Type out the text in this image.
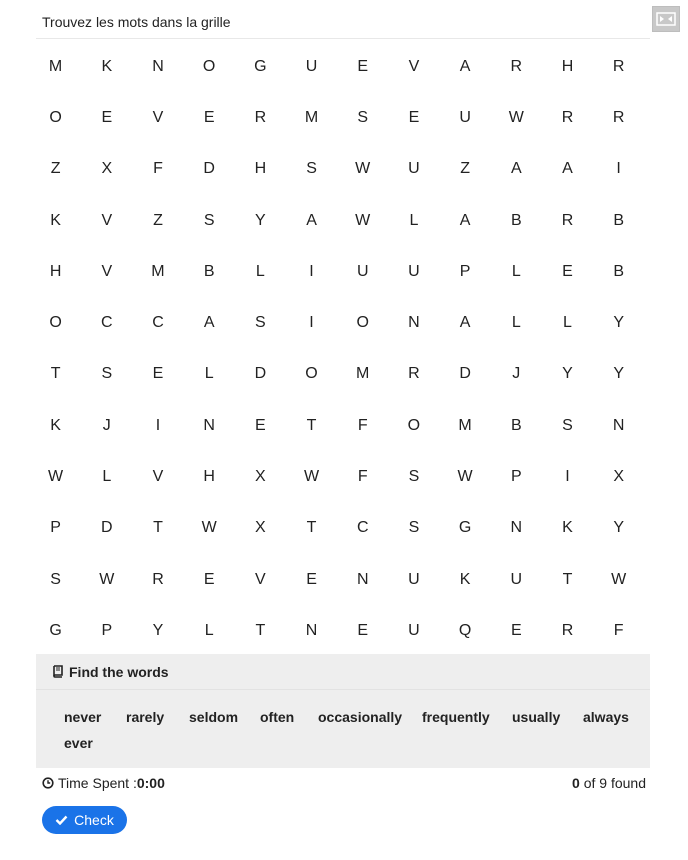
Trouvez les mots dans la grille
M	K	N	O	G	U	E	V	A	R	H	R
O	E	V	E	R	M	S	E	U	W	R	R
Z	X	F	D	H	S	W	U	Z	A	A	I
K	V	Z	S	Y	A	W	L	A	B	R	B
H	V	M	B	L	I	U	U	P	L	E	B
O	C	C	A	S	I	O	N	A	L	L	Y
T	S	E	L	D	O	M	R	D	J	Y	Y
K	J	I	N	E	T	F	O	M	B	S	N
W	L	V	H	X	W	F	S	W	P	I	X
P	D	T	W	X	T	C	S	G	N	K	Y
S	W	R	E	V	E	N	U	K	U	T	W
G	P	Y	L	T	N	E	U	Q	E	R	F
Find the words
never rarely seldom often occasionally frequently usually always
ever
Time Spent : 0:00	0 of 9 found
Check
